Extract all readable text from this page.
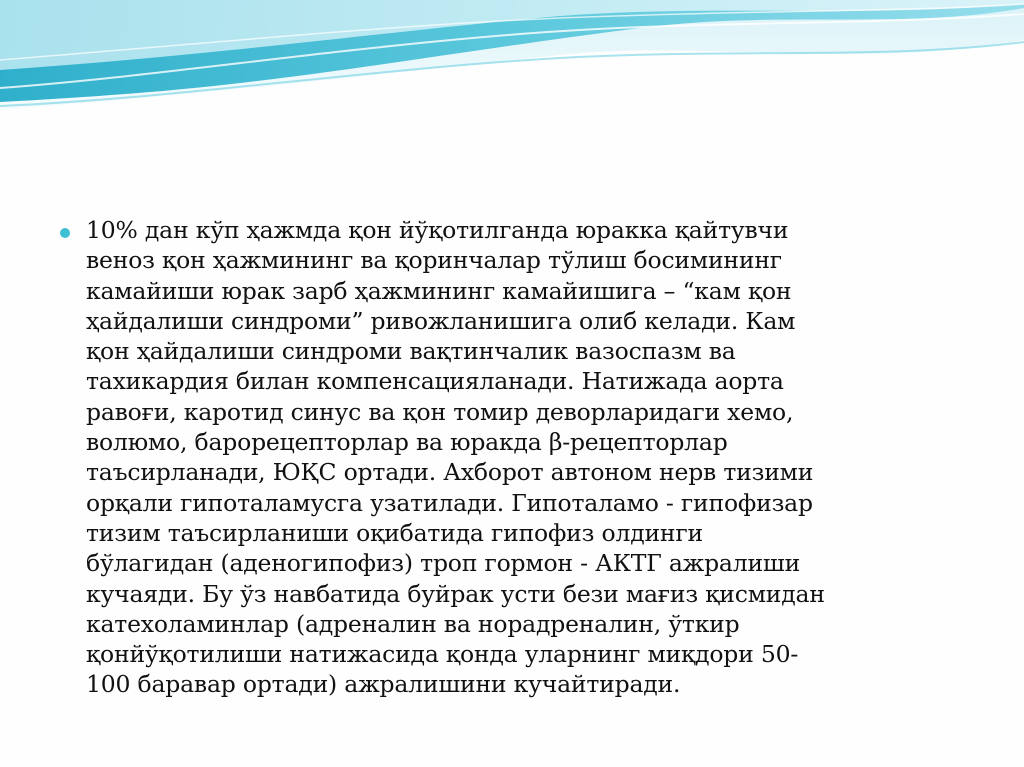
10% дан кўп ҳажмда қон йўқотилганда юракка қайтувчи
веноз қон ҳажмининг ва қоринчалар тўлиш босимининг
камайиши юрак зарб ҳажмининг камайишига – “кам қон
ҳайдалиши синдроми” ривожланишига олиб келади. Кам
қон ҳайдалиши синдроми вақтинчалик вазоспазм ва
тахикардия билан компенсацияланади. Натижада аорта
равоғи, каротид синус ва қон томир деворларидаги хемо,
волюмо, барорецепторлар ва юракда β-рецепторлар
таъсирланади, ЮҚС ортади. Ахборот автоном нерв тизими
орқали гипоталамусга узатилади. Гипоталамо - гипофизар
тизим таъсирланиши оқибатида гипофиз олдинги
бўлагидан (аденогипофиз) троп гормон - АКТГ ажралиши
кучаяди. Бу ўз навбатида буйрак усти бези мағиз қисмидан
катехоламинлар (адреналин ва норадреналин, ўткир
қонйўқотилиши натижасида қонда уларнинг миқдори 50-
100 баравар ортади) ажралишини кучайтиради.
